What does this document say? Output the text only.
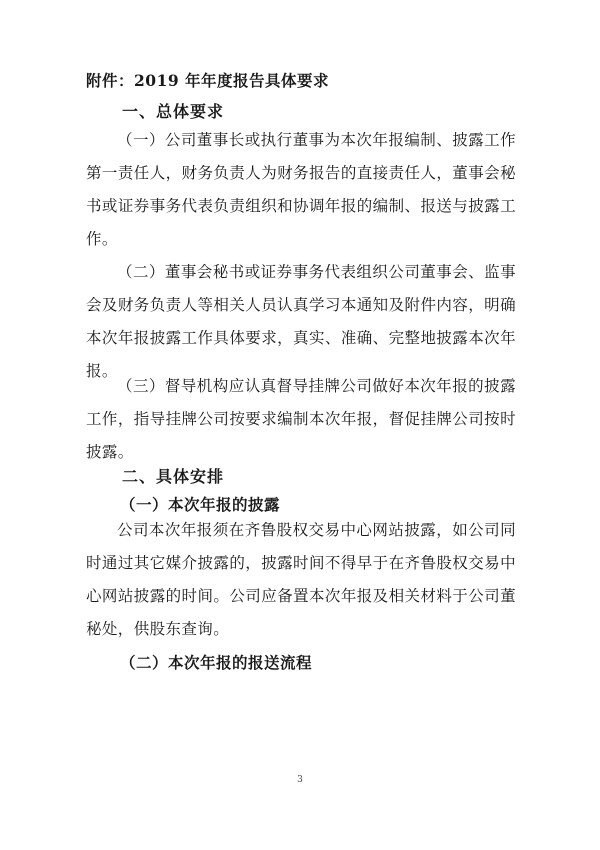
附件：2019 年年度报告具体要求
一、总体要求

（一）公司董事长或执行董事为本次年报编制、披露工作第一责任人，财务负责人为财务报告的直接责任人，董事会秘书或证券事务代表负责组织和协调年报的编制、报送与披露工作。

（二）董事会秘书或证券事务代表组织公司董事会、监事会及财务负责人等相关人员认真学习本通知及附件内容，明确本次年报披露工作具体要求，真实、准确、完整地披露本次年报。

（三）督导机构应认真督导挂牌公司做好本次年报的披露工作，指导挂牌公司按要求编制本次年报，督促挂牌公司按时披露。

二、具体安排
（一）本次年报的披露

公司本次年报须在齐鲁股权交易中心网站披露，如公司同时通过其它媒介披露的，披露时间不得早于在齐鲁股权交易中心网站披露的时间。公司应备置本次年报及相关材料于公司董秘处，供股东查询。

（二）本次年报的报送流程
3
